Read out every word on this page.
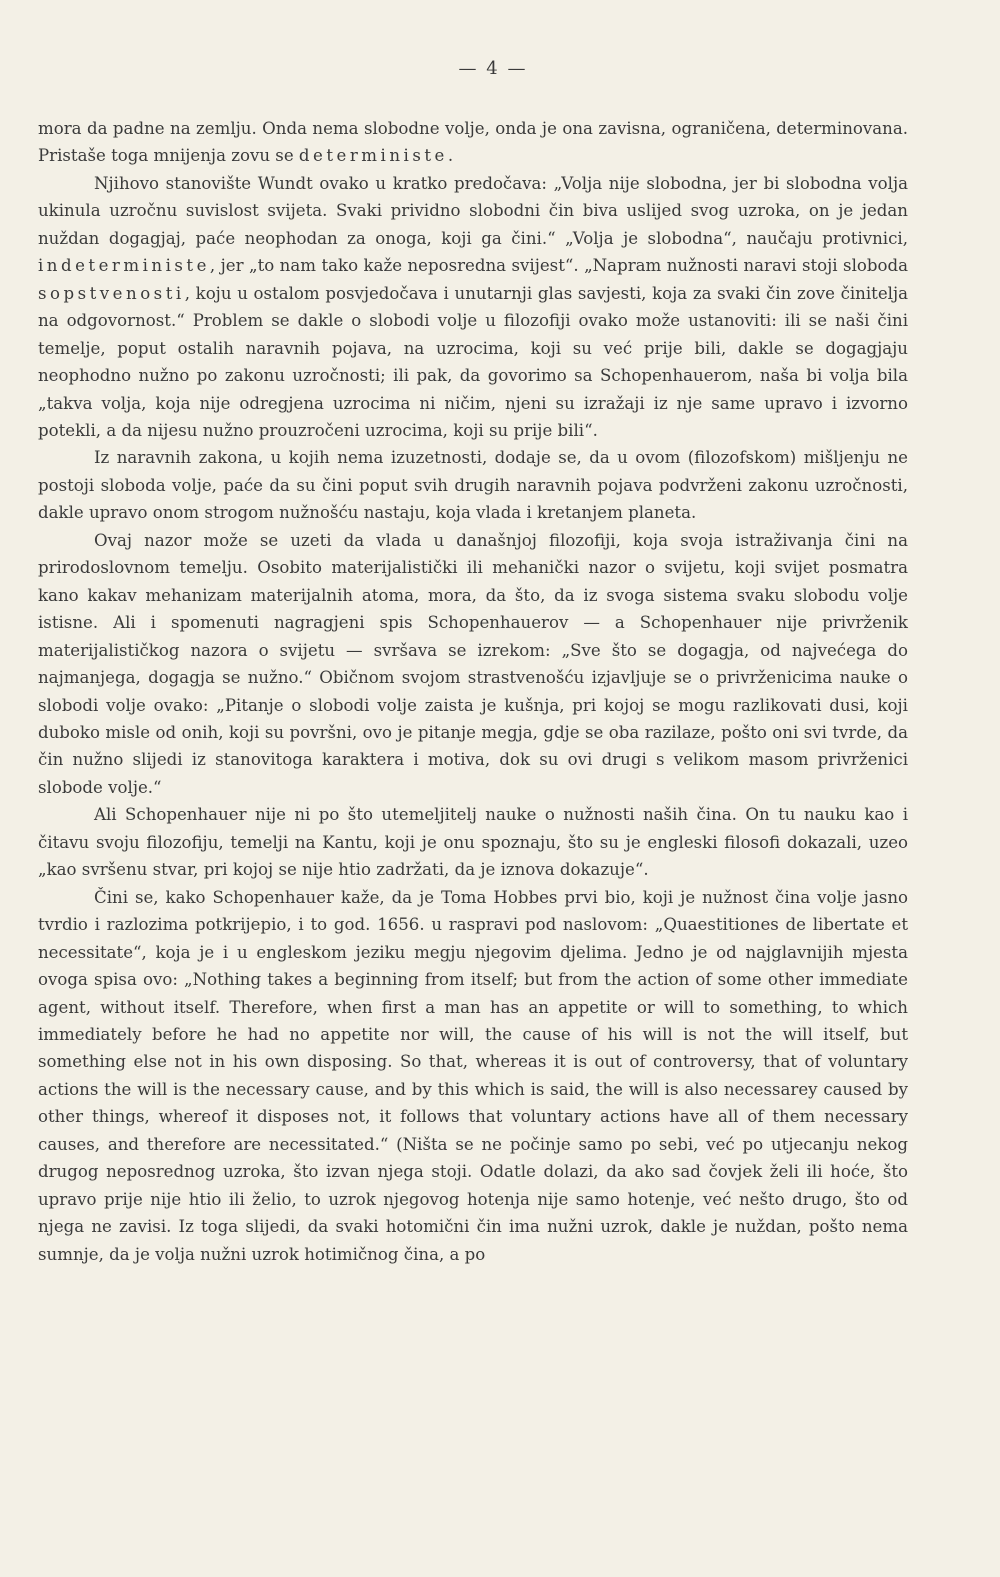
— 4 —

mora da padne na zemlju. Onda nema slobodne volje, onda je ona zavisna, ograničena, determinovana. Pristaše toga mnijenja zovu se deterministe.

Njihovo stanovište Wundt ovako u kratko predočava: „Volja nije slobodna, jer bi slobodna volja ukinula uzročnu suvislost svijeta. Svaki prividno slobodni čin biva uslijed svog uzroka, on je jedan nuždan dogagjaj, paće neophodan za onoga, koji ga čini.“ „Volja je slobodna“, naučaju protivnici, indeterministe, jer „to nam tako kaže neposredna svijest“. „Napram nužnosti naravi stoji sloboda sopstvenosti, koju u ostalom posvjedočava i unutarnji glas savjesti, koja za svaki čin zove činitelja na odgovornost.“ Problem se dakle o slobodi volje u filozofiji ovako može ustanoviti: ili se naši čini temelje, poput ostalih naravnih pojava, na uzrocima, koji su već prije bili, dakle se dogagjaju neophodno nužno po zakonu uzročnosti; ili pak, da govorimo sa Schopenhauerom, naša bi volja bila „takva volja, koja nije odregjena uzrocima ni ničim, njeni su izražaji iz nje same upravo i izvorno potekli, a da nijesu nužno prouzročeni uzrocima, koji su prije bili“.

Iz naravnih zakona, u kojih nema izuzetnosti, dodaje se, da u ovom (filozofskom) mišljenju ne postoji sloboda volje, paće da su čini poput svih drugih naravnih pojava podvrženi zakonu uzročnosti, dakle upravo onom strogom nužnošću nastaju, koja vlada i kretanjem planeta.

Ovaj nazor može se uzeti da vlada u današnjoj filozofiji, koja svoja istraživanja čini na prirodoslovnom temelju. Osobito materijalistički ili mehanički nazor o svijetu, koji svijet posmatra kano kakav mehanizam materijalnih atoma, mora, da što, da iz svoga sistema svaku slobodu volje istisne. Ali i spomenuti nagragjeni spis Schopenhauerov — a Schopenhauer nije privrženik materijalističkog nazora o svijetu — svršava se izrekom: „Sve što se dogagja, od najvećega do najmanjega, dogagja se nužno.“ Običnom svojom strastvenošću izjavljuje se o privrženicima nauke o slobodi volje ovako: „Pitanje o slobodi volje zaista je kušnja, pri kojoj se mogu razlikovati dusi, koji duboko misle od onih, koji su površni, ovo je pitanje megja, gdje se oba razilaze, pošto oni svi tvrde, da čin nužno slijedi iz stanovitoga karaktera i motiva, dok su ovi drugi s velikom masom privrženici slobode volje.“

Ali Schopenhauer nije ni po što utemeljitelj nauke o nužnosti naših čina. On tu nauku kao i čitavu svoju filozofiju, temelji na Kantu, koji je onu spoznaju, što su je engleski filosofi dokazali, uzeo „kao svršenu stvar, pri kojoj se nije htio zadržati, da je iznova dokazuje“.

Čini se, kako Schopenhauer kaže, da je Toma Hobbes prvi bio, koji je nužnost čina volje jasno tvrdio i razlozima potkrijepio, i to god. 1656. u raspravi pod naslovom: „Quaestitiones de libertate et necessitate“, koja je i u engleskom jeziku megju njegovim djelima. Jedno je od najglavnijih mjesta ovoga spisa ovo: „Nothing takes a beginning from itself; but from the action of some other immediate agent, without itself. Therefore, when first a man has an appetite or will to something, to which immediately before he had no appetite nor will, the cause of his will is not the will itself, but something else not in his own disposing. So that, whereas it is out of controversy, that of voluntary actions the will is the necessary cause, and by this which is said, the will is also necessarey caused by other things, whereof it disposes not, it follows that voluntary actions have all of them necessary causes, and therefore are necessitated.“ (Ništa se ne počinje samo po sebi, već po utjecanju nekog drugog neposrednog uzroka, što izvan njega stoji. Odatle dolazi, da ako sad čovjek želi ili hoće, što upravo prije nije htio ili želio, to uzrok njegovog hotenja nije samo hotenje, već nešto drugo, što od njega ne zavisi. Iz toga slijedi, da svaki hotomični čin ima nužni uzrok, dakle je nuždan, pošto nema sumnje, da je volja nužni uzrok hotimičnog čina, a po
